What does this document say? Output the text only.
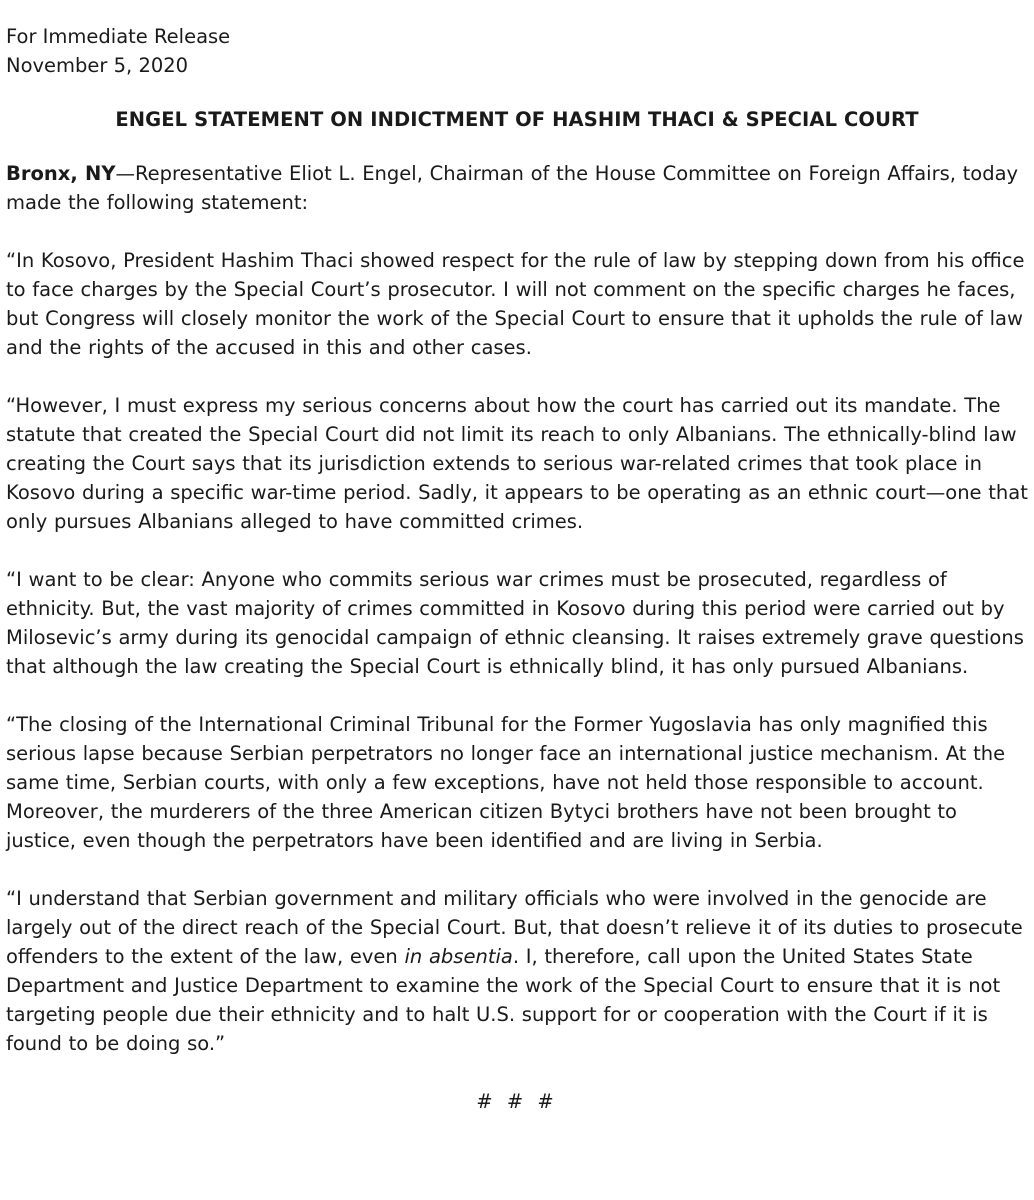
For Immediate Release
November 5, 2020
ENGEL STATEMENT ON INDICTMENT OF HASHIM THACI & SPECIAL COURT

Bronx, NY—Representative Eliot L. Engel, Chairman of the House Committee on Foreign Affairs, today made the following statement:

“In Kosovo, President Hashim Thaci showed respect for the rule of law by stepping down from his office to face charges by the Special Court’s prosecutor. I will not comment on the specific charges he faces, but Congress will closely monitor the work of the Special Court to ensure that it upholds the rule of law and the rights of the accused in this and other cases.

“However, I must express my serious concerns about how the court has carried out its mandate. The statute that created the Special Court did not limit its reach to only Albanians. The ethnically-blind law creating the Court says that its jurisdiction extends to serious war-related crimes that took place in Kosovo during a specific war-time period. Sadly, it appears to be operating as an ethnic court—one that only pursues Albanians alleged to have committed crimes.

“I want to be clear: Anyone who commits serious war crimes must be prosecuted, regardless of ethnicity. But, the vast majority of crimes committed in Kosovo during this period were carried out by Milosevic’s army during its genocidal campaign of ethnic cleansing. It raises extremely grave questions that although the law creating the Special Court is ethnically blind, it has only pursued Albanians.

“The closing of the International Criminal Tribunal for the Former Yugoslavia has only magnified this serious lapse because Serbian perpetrators no longer face an international justice mechanism. At the same time, Serbian courts, with only a few exceptions, have not held those responsible to account. Moreover, the murderers of the three American citizen Bytyci brothers have not been brought to justice, even though the perpetrators have been identified and are living in Serbia.

“I understand that Serbian government and military officials who were involved in the genocide are largely out of the direct reach of the Special Court. But, that doesn’t relieve it of its duties to prosecute offenders to the extent of the law, even in absentia. I, therefore, call upon the United States State Department and Justice Department to examine the work of the Special Court to ensure that it is not targeting people due their ethnicity and to halt U.S. support for or cooperation with the Court if it is found to be doing so.”

# # #
